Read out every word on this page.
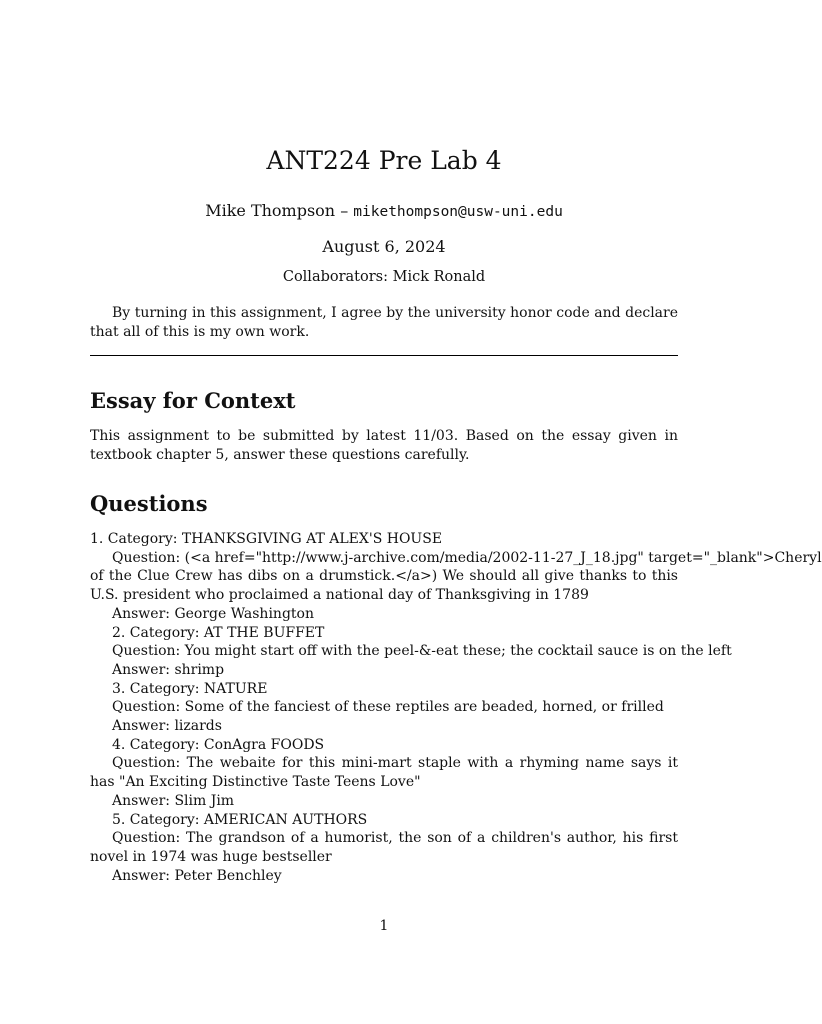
ANT224 Pre Lab 4
Mike Thompson – mikethompson@usw-uni.edu
August 6, 2024
Collaborators: Mick Ronald
By turning in this assignment, I agree by the university honor code and declare that all of this is my own work.
Essay for Context
This assignment to be submitted by latest 11/03. Based on the essay given in textbook chapter 5, answer these questions carefully.
Questions
1. Category: THANKSGIVING AT ALEX'S HOUSE
Question: (<a href="http://www.j-archive.com/media/2002-11-27_J_18.jpg" target="_blank">Cheryl
of the Clue Crew has dibs on a drumstick.</a>) We should all give thanks to this U.S. president who proclaimed a national day of Thanksgiving in 1789
Answer: George Washington
2. Category: AT THE BUFFET
Question: You might start off with the peel-&-eat these; the cocktail sauce is on the left
Answer: shrimp
3. Category: NATURE
Question: Some of the fanciest of these reptiles are beaded, horned, or frilled
Answer: lizards
4. Category: ConAgra FOODS
Question: The webaite for this mini-mart staple with a rhyming name says it has "An Exciting Distinctive Taste Teens Love"
Answer: Slim Jim
5. Category: AMERICAN AUTHORS
Question: The grandson of a humorist, the son of a children's author, his first novel in 1974 was huge bestseller
Answer: Peter Benchley
1
